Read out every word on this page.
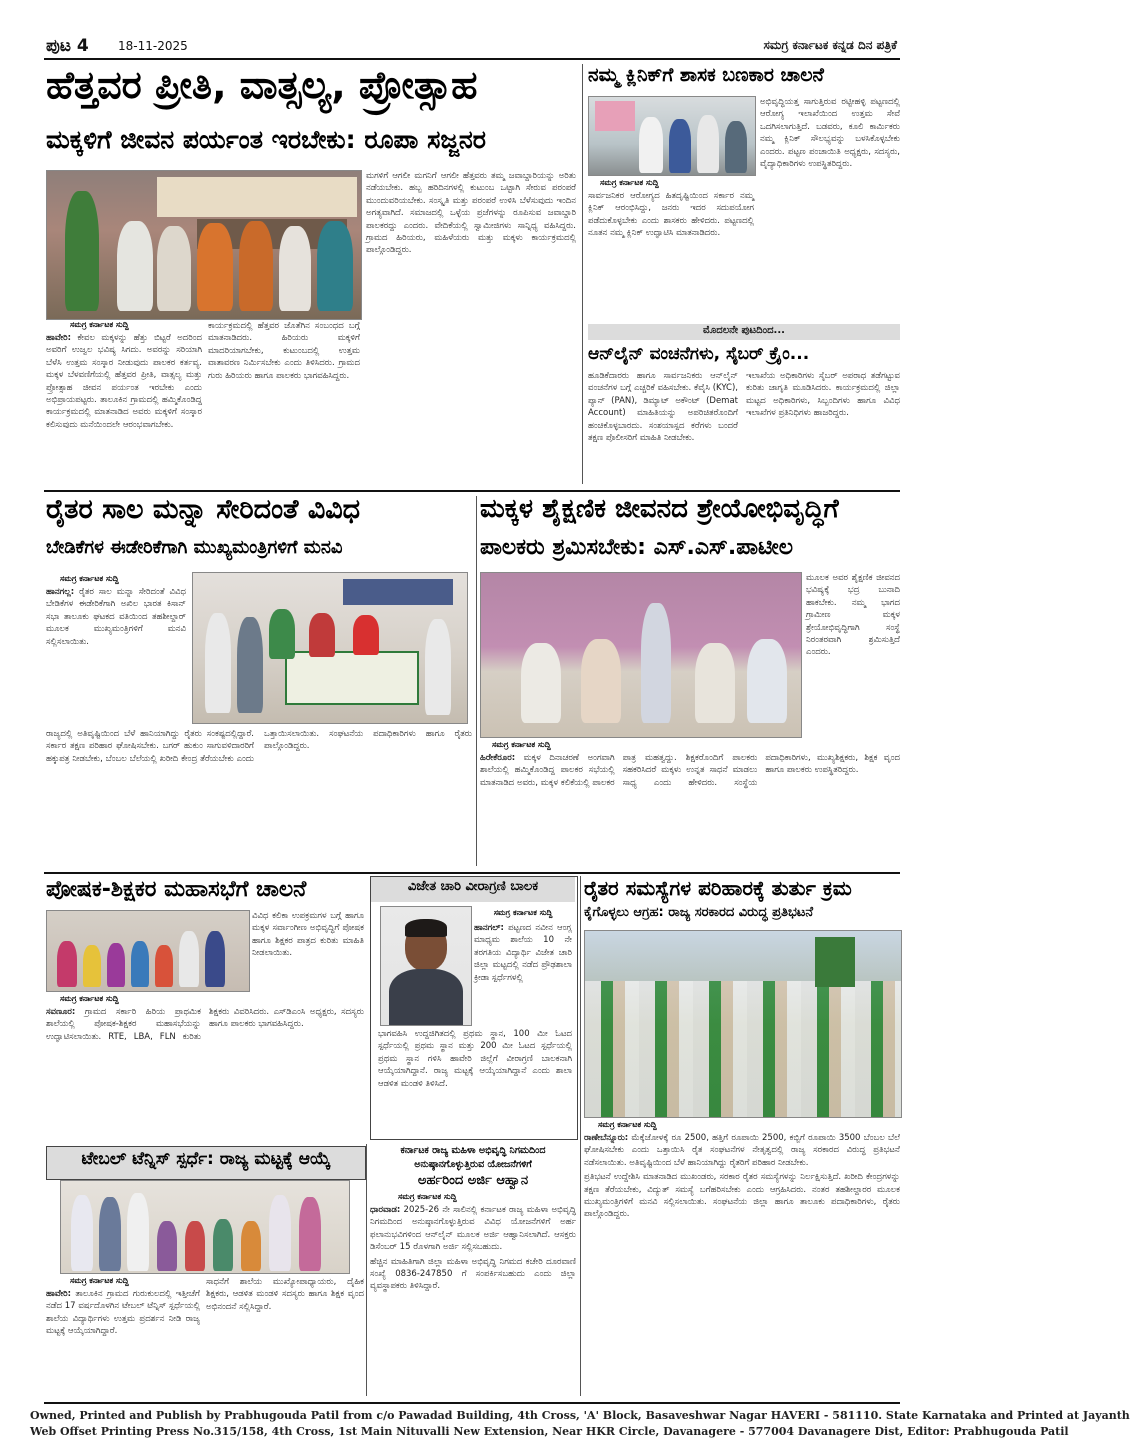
ಪುಟ 4 18-11-2025	ಸಮಗ್ರ ಕರ್ನಾಟಕ ಕನ್ನಡ ದಿನ ಪತ್ರಿಕೆ
ಹೆತ್ತವರ ಪ್ರೀತಿ, ವಾತ್ಸಲ್ಯ, ಪ್ರೋತ್ಸಾಹ
ಮಕ್ಕಳಿಗೆ ಜೀವನ ಪರ್ಯಂತ ಇರಬೇಕು: ರೂಪಾ ಸಜ್ಜನರ
ಸಮಗ್ರ ಕರ್ನಾಟಕ ಸುದ್ದಿ

ಹಾವೇರಿ: ಕೇವಲ ಮಕ್ಕಳನ್ನು ಹೆತ್ತು ಬಿಟ್ಟರೆ ಅದರಿಂದ ಅವರಿಗೆ ಉಜ್ವಲ ಭವಿಷ್ಯ ಸಿಗದು. ಅವರನ್ನು ಸರಿಯಾಗಿ ಬೆಳೆಸಿ ಉತ್ತಮ ಸಂಸ್ಕಾರ ನೀಡುವುದು ಪಾಲಕರ ಕರ್ತವ್ಯ. ಮಕ್ಕಳ ಬೆಳವಣಿಗೆಯಲ್ಲಿ ಹೆತ್ತವರ ಪ್ರೀತಿ, ವಾತ್ಸಲ್ಯ ಮತ್ತು ಪ್ರೋತ್ಸಾಹ ಜೀವನ ಪರ್ಯಂತ ಇರಬೇಕು ಎಂದು ಅಭಿಪ್ರಾಯಪಟ್ಟರು. ತಾಲೂಕಿನ ಗ್ರಾಮದಲ್ಲಿ ಹಮ್ಮಿಕೊಂಡಿದ್ದ ಕಾರ್ಯಕ್ರಮದಲ್ಲಿ ಮಾತನಾಡಿದ ಅವರು ಮಕ್ಕಳಿಗೆ ಸಂಸ್ಕಾರ ಕಲಿಸುವುದು ಮನೆಯಿಂದಲೇ ಆರಂಭವಾಗಬೇಕು.

ಕಾರ್ಯಕ್ರಮದಲ್ಲಿ ಹೆತ್ತವರ ಜೊತೆಗಿನ ಸಂಬಂಧದ ಬಗ್ಗೆ ಮಾತನಾಡಿದರು. ಹಿರಿಯರು ಮಕ್ಕಳಿಗೆ ಮಾದರಿಯಾಗಬೇಕು, ಕುಟುಂಬದಲ್ಲಿ ಉತ್ತಮ ವಾತಾವರಣ ನಿರ್ಮಿಸಬೇಕು ಎಂದು ತಿಳಿಸಿದರು. ಗ್ರಾಮದ ಗುರು ಹಿರಿಯರು ಹಾಗೂ ಪಾಲಕರು ಭಾಗವಹಿಸಿದ್ದರು.

ಮಗಳಿಗೆ ಆಗಲೀ ಮಗನಿಗೆ ಆಗಲೀ ಹೆತ್ತವರು ತಮ್ಮ ಜವಾಬ್ದಾರಿಯನ್ನು ಅರಿತು ನಡೆಯಬೇಕು. ಹಬ್ಬ ಹರಿದಿನಗಳಲ್ಲಿ ಕುಟುಂಬ ಒಟ್ಟಾಗಿ ಸೇರುವ ಪರಂಪರೆ ಮುಂದುವರಿಯಬೇಕು. ಸಂಸ್ಕೃತಿ ಮತ್ತು ಪರಂಪರೆ ಉಳಿಸಿ ಬೆಳೆಸುವುದು ಇಂದಿನ ಅಗತ್ಯವಾಗಿದೆ. ಸಮಾಜದಲ್ಲಿ ಒಳ್ಳೆಯ ಪ್ರಜೆಗಳನ್ನು ರೂಪಿಸುವ ಜವಾಬ್ದಾರಿ ಪಾಲಕರದ್ದು ಎಂದರು. ವೇದಿಕೆಯಲ್ಲಿ ಸ್ವಾಮೀಜಿಗಳು ಸಾನ್ನಿಧ್ಯ ವಹಿಸಿದ್ದರು. ಗ್ರಾಮದ ಹಿರಿಯರು, ಮಹಿಳೆಯರು ಮತ್ತು ಮಕ್ಕಳು ಕಾರ್ಯಕ್ರಮದಲ್ಲಿ ಪಾಲ್ಗೊಂಡಿದ್ದರು.

ನಮ್ಮ ಕ್ಲಿನಿಕ್‌ಗೆ ಶಾಸಕ ಬಣಕಾರ ಚಾಲನೆ
ಸಮಗ್ರ ಕರ್ನಾಟಕ ಸುದ್ದಿ

ಸಾರ್ವಜನಿಕರ ಆರೋಗ್ಯದ ಹಿತದೃಷ್ಟಿಯಿಂದ ಸರ್ಕಾರ ನಮ್ಮ ಕ್ಲಿನಿಕ್ ಆರಂಭಿಸಿದ್ದು, ಜನರು ಇದರ ಸದುಪಯೋಗ ಪಡೆದುಕೊಳ್ಳಬೇಕು ಎಂದು ಶಾಸಕರು ಹೇಳಿದರು. ಪಟ್ಟಣದಲ್ಲಿ ನೂತನ ನಮ್ಮ ಕ್ಲಿನಿಕ್ ಉದ್ಘಾಟಿಸಿ ಮಾತನಾಡಿದರು.

ಅಭಿವೃದ್ಧಿಯತ್ತ ಸಾಗುತ್ತಿರುವ ರಟ್ಟೀಹಳ್ಳಿ ಪಟ್ಟಣದಲ್ಲಿ ಆರೋಗ್ಯ ಇಲಾಖೆಯಿಂದ ಉತ್ತಮ ಸೇವೆ ಒದಗಿಸಲಾಗುತ್ತಿದೆ. ಬಡವರು, ಕೂಲಿ ಕಾರ್ಮಿಕರು ನಮ್ಮ ಕ್ಲಿನಿಕ್ ಸೌಲಭ್ಯವನ್ನು ಬಳಸಿಕೊಳ್ಳಬೇಕು ಎಂದರು. ಪಟ್ಟಣ ಪಂಚಾಯಿತಿ ಅಧ್ಯಕ್ಷರು, ಸದಸ್ಯರು, ವೈದ್ಯಾಧಿಕಾರಿಗಳು ಉಪಸ್ಥಿತರಿದ್ದರು.

ಮೊದಲನೇ ಪುಟದಿಂದ...
ಆನ್‌ಲೈನ್ ವಂಚನೆಗಳು, ಸೈಬರ್ ಕ್ರೈಂ...

ಹೂಡಿಕೆದಾರರು ಹಾಗೂ ಸಾರ್ವಜನಿಕರು ಆನ್‌ಲೈನ್ ವಂಚನೆಗಳ ಬಗ್ಗೆ ಎಚ್ಚರಿಕೆ ವಹಿಸಬೇಕು. ಕೆವೈಸಿ (KYC), ಪ್ಯಾನ್ (PAN), ಡಿಮ್ಯಾಟ್ ಅಕೌಂಟ್ (Demat Account) ಮಾಹಿತಿಯನ್ನು ಅಪರಿಚಿತರೊಂದಿಗೆ ಹಂಚಿಕೊಳ್ಳಬಾರದು. ಸಂಶಯಾಸ್ಪದ ಕರೆಗಳು ಬಂದರೆ ತಕ್ಷಣ ಪೊಲೀಸರಿಗೆ ಮಾಹಿತಿ ನೀಡಬೇಕು.

ಇಲಾಖೆಯ ಅಧಿಕಾರಿಗಳು ಸೈಬರ್ ಅಪರಾಧ ತಡೆಗಟ್ಟುವ ಕುರಿತು ಜಾಗೃತಿ ಮೂಡಿಸಿದರು. ಕಾರ್ಯಕ್ರಮದಲ್ಲಿ ಜಿಲ್ಲಾ ಮಟ್ಟದ ಅಧಿಕಾರಿಗಳು, ಸಿಬ್ಬಂದಿಗಳು ಹಾಗೂ ವಿವಿಧ ಇಲಾಖೆಗಳ ಪ್ರತಿನಿಧಿಗಳು ಹಾಜರಿದ್ದರು.

ರೈತರ ಸಾಲ ಮನ್ನಾ ಸೇರಿದಂತೆ ವಿವಿಧ
ಬೇಡಿಕೆಗಳ ಈಡೇರಿಕೆಗಾಗಿ ಮುಖ್ಯಮಂತ್ರಿಗಳಿಗೆ ಮನವಿ
ಸಮಗ್ರ ಕರ್ನಾಟಕ ಸುದ್ದಿ

ಹಾನಗಲ್ಲ: ರೈತರ ಸಾಲ ಮನ್ನಾ ಸೇರಿದಂತೆ ವಿವಿಧ ಬೇಡಿಕೆಗಳ ಈಡೇರಿಕೆಗಾಗಿ ಅಖಿಲ ಭಾರತ ಕಿಸಾನ್ ಸಭಾ ತಾಲೂಕು ಘಟಕದ ವತಿಯಿಂದ ತಹಶೀಲ್ದಾರ್ ಮೂಲಕ ಮುಖ್ಯಮಂತ್ರಿಗಳಿಗೆ ಮನವಿ ಸಲ್ಲಿಸಲಾಯಿತು.

ರಾಜ್ಯದಲ್ಲಿ ಅತಿವೃಷ್ಟಿಯಿಂದ ಬೆಳೆ ಹಾನಿಯಾಗಿದ್ದು ರೈತರು ಸಂಕಷ್ಟದಲ್ಲಿದ್ದಾರೆ. ಸರ್ಕಾರ ತಕ್ಷಣ ಪರಿಹಾರ ಘೋಷಿಸಬೇಕು. ಬಗರ್ ಹುಕುಂ ಸಾಗುವಳಿದಾರರಿಗೆ ಹಕ್ಕುಪತ್ರ ನೀಡಬೇಕು, ಬೆಂಬಲ ಬೆಲೆಯಲ್ಲಿ ಖರೀದಿ ಕೇಂದ್ರ ತೆರೆಯಬೇಕು ಎಂದು ಒತ್ತಾಯಿಸಲಾಯಿತು. ಸಂಘಟನೆಯ ಪದಾಧಿಕಾರಿಗಳು ಹಾಗೂ ರೈತರು ಪಾಲ್ಗೊಂಡಿದ್ದರು.

ಮಕ್ಕಳ ಶೈಕ್ಷಣಿಕ ಜೀವನದ ಶ್ರೇಯೋಭಿವೃದ್ಧಿಗೆ
ಪಾಲಕರು ಶ್ರಮಿಸಬೇಕು: ಎಸ್.ಎಸ್.ಪಾಟೀಲ

ಮೂಲಕ ಅವರ ಶೈಕ್ಷಣಿಕ ಜೀವನದ ಭವಿಷ್ಯಕ್ಕೆ ಭದ್ರ ಬುನಾದಿ ಹಾಕಬೇಕು. ನಮ್ಮ ಭಾಗದ ಗ್ರಾಮೀಣ ಮಕ್ಕಳ ಶ್ರೇಯೋಭಿವೃದ್ಧಿಗಾಗಿ ಸಂಸ್ಥೆ ನಿರಂತರವಾಗಿ ಶ್ರಮಿಸುತ್ತಿದೆ ಎಂದರು.

ಸಮಗ್ರ ಕರ್ನಾಟಕ ಸುದ್ದಿ

ಹಿರೇಕೆರೂರ: ಮಕ್ಕಳ ದಿನಾಚರಣೆ ಅಂಗವಾಗಿ ಶಾಲೆಯಲ್ಲಿ ಹಮ್ಮಿಕೊಂಡಿದ್ದ ಪಾಲಕರ ಸಭೆಯಲ್ಲಿ ಮಾತನಾಡಿದ ಅವರು, ಮಕ್ಕಳ ಕಲಿಕೆಯಲ್ಲಿ ಪಾಲಕರ ಪಾತ್ರ ಮಹತ್ವದ್ದು. ಶಿಕ್ಷಕರೊಂದಿಗೆ ಪಾಲಕರು ಸಹಕರಿಸಿದರೆ ಮಕ್ಕಳು ಉನ್ನತ ಸಾಧನೆ ಮಾಡಲು ಸಾಧ್ಯ ಎಂದು ಹೇಳಿದರು. ಸಂಸ್ಥೆಯ ಪದಾಧಿಕಾರಿಗಳು, ಮುಖ್ಯಶಿಕ್ಷಕರು, ಶಿಕ್ಷಕ ವೃಂದ ಹಾಗೂ ಪಾಲಕರು ಉಪಸ್ಥಿತರಿದ್ದರು.

ಪೋಷಕ-ಶಿಕ್ಷಕರ ಮಹಾಸಭೆಗೆ ಚಾಲನೆ
ಸಮಗ್ರ ಕರ್ನಾಟಕ ಸುದ್ದಿ

ವಿವಿಧ ಕಲಿಕಾ ಉಪಕ್ರಮಗಳ ಬಗ್ಗೆ ಹಾಗೂ ಮಕ್ಕಳ ಸರ್ವಾಂಗೀಣ ಅಭಿವೃದ್ಧಿಗೆ ಪೋಷಕ ಹಾಗೂ ಶಿಕ್ಷಕರ ಪಾತ್ರದ ಕುರಿತು ಮಾಹಿತಿ ನೀಡಲಾಯಿತು.

ಸವಣೂರ: ಗ್ರಾಮದ ಸರ್ಕಾರಿ ಹಿರಿಯ ಪ್ರಾಥಮಿಕ ಶಾಲೆಯಲ್ಲಿ ಪೋಷಕ-ಶಿಕ್ಷಕರ ಮಹಾಸಭೆಯನ್ನು ಉದ್ಘಾಟಿಸಲಾಯಿತು. RTE, LBA, FLN ಕುರಿತು ಶಿಕ್ಷಕರು ವಿವರಿಸಿದರು. ಎಸ್‌ಡಿಎಂಸಿ ಅಧ್ಯಕ್ಷರು, ಸದಸ್ಯರು ಹಾಗೂ ಪಾಲಕರು ಭಾಗವಹಿಸಿದ್ದರು.

ವಿಜೇತ ಚಾರಿ ವೀರಾಗ್ರಣಿ ಬಾಲಕ
ಸಮಗ್ರ ಕರ್ನಾಟಕ ಸುದ್ದಿ

ಹಾನಗಲ್: ಪಟ್ಟಣದ ನವೀನ ಆಂಗ್ಲ ಮಾಧ್ಯಮ ಶಾಲೆಯ 10 ನೇ ತರಗತಿಯ ವಿದ್ಯಾರ್ಥಿ ವಿಜೇತ ಚಾರಿ ಜಿಲ್ಲಾ ಮಟ್ಟದಲ್ಲಿ ನಡೆದ ಪ್ರೌಢಶಾಲಾ ಕ್ರೀಡಾ ಸ್ಪರ್ಧೆಗಳಲ್ಲಿ

ಭಾಗವಹಿಸಿ ಉದ್ದಜಿಗಿತದಲ್ಲಿ ಪ್ರಥಮ ಸ್ಥಾನ, 100 ಮೀ ಓಟದ ಸ್ಪರ್ಧೆಯಲ್ಲಿ ಪ್ರಥಮ ಸ್ಥಾನ ಮತ್ತು 200 ಮೀ ಓಟದ ಸ್ಪರ್ಧೆಯಲ್ಲಿ ಪ್ರಥಮ ಸ್ಥಾನ ಗಳಿಸಿ ಹಾವೇರಿ ಜಿಲ್ಲೆಗೆ ವೀರಾಗ್ರಣಿ ಬಾಲಕನಾಗಿ ಆಯ್ಕೆಯಾಗಿದ್ದಾನೆ. ರಾಜ್ಯ ಮಟ್ಟಕ್ಕೆ ಆಯ್ಕೆಯಾಗಿದ್ದಾನೆ ಎಂದು ಶಾಲಾ ಆಡಳಿತ ಮಂಡಳಿ ತಿಳಿಸಿದೆ.

ರೈತರ ಸಮಸ್ಯೆಗಳ ಪರಿಹಾರಕ್ಕೆ ತುರ್ತು ಕ್ರಮ
ಕೈಗೊಳ್ಳಲು ಆಗ್ರಹ: ರಾಜ್ಯ ಸರಕಾರದ ವಿರುದ್ಧ ಪ್ರತಿಭಟನೆ
ಸಮಗ್ರ ಕರ್ನಾಟಕ ಸುದ್ದಿ

ರಾಣೇಬೆನ್ನೂರು: ಮೆಕ್ಕೆಜೋಳಕ್ಕೆ ರೂ 2500, ಹತ್ತಿಗೆ ರೂಪಾಯಿ 2500, ಕಬ್ಬಿಗೆ ರೂಪಾಯಿ 3500 ಬೆಂಬಲ ಬೆಲೆ ಘೋಷಿಸಬೇಕು ಎಂದು ಒತ್ತಾಯಿಸಿ ರೈತ ಸಂಘಟನೆಗಳ ನೇತೃತ್ವದಲ್ಲಿ ರಾಜ್ಯ ಸರಕಾರದ ವಿರುದ್ಧ ಪ್ರತಿಭಟನೆ ನಡೆಸಲಾಯಿತು. ಅತಿವೃಷ್ಟಿಯಿಂದ ಬೆಳೆ ಹಾನಿಯಾಗಿದ್ದು ರೈತರಿಗೆ ಪರಿಹಾರ ನೀಡಬೇಕು.

ಪ್ರತಿಭಟನೆ ಉದ್ದೇಶಿಸಿ ಮಾತನಾಡಿದ ಮುಖಂಡರು, ಸರಕಾರ ರೈತರ ಸಮಸ್ಯೆಗಳನ್ನು ನಿರ್ಲಕ್ಷಿಸುತ್ತಿದೆ. ಖರೀದಿ ಕೇಂದ್ರಗಳನ್ನು ತಕ್ಷಣ ತೆರೆಯಬೇಕು, ವಿದ್ಯುತ್ ಸಮಸ್ಯೆ ಬಗೆಹರಿಸಬೇಕು ಎಂದು ಆಗ್ರಹಿಸಿದರು. ನಂತರ ತಹಶೀಲ್ದಾರರ ಮೂಲಕ ಮುಖ್ಯಮಂತ್ರಿಗಳಿಗೆ ಮನವಿ ಸಲ್ಲಿಸಲಾಯಿತು. ಸಂಘಟನೆಯ ಜಿಲ್ಲಾ ಹಾಗೂ ತಾಲೂಕು ಪದಾಧಿಕಾರಿಗಳು, ರೈತರು ಪಾಲ್ಗೊಂಡಿದ್ದರು.

ಟೇಬಲ್ ಟೆನ್ನಿಸ್ ಸ್ಪರ್ಧೆ: ರಾಜ್ಯ ಮಟ್ಟಕ್ಕೆ ಆಯ್ಕೆ
ಸಮಗ್ರ ಕರ್ನಾಟಕ ಸುದ್ದಿ

ಹಾವೇರಿ: ತಾಲೂಕಿನ ಗ್ರಾಮದ ಗುರುಕುಲದಲ್ಲಿ ಇತ್ತೀಚೆಗೆ ನಡೆದ 17 ವರ್ಷದೊಳಗಿನ ಟೇಬಲ್ ಟೆನ್ನಿಸ್ ಸ್ಪರ್ಧೆಯಲ್ಲಿ ಶಾಲೆಯ ವಿದ್ಯಾರ್ಥಿಗಳು ಉತ್ತಮ ಪ್ರದರ್ಶನ ನೀಡಿ ರಾಜ್ಯ ಮಟ್ಟಕ್ಕೆ ಆಯ್ಕೆಯಾಗಿದ್ದಾರೆ.

ಸಾಧನೆಗೆ ಶಾಲೆಯ ಮುಖ್ಯೋಪಾಧ್ಯಾಯರು, ದೈಹಿಕ ಶಿಕ್ಷಕರು, ಆಡಳಿತ ಮಂಡಳಿ ಸದಸ್ಯರು ಹಾಗೂ ಶಿಕ್ಷಕ ವೃಂದ ಅಭಿನಂದನೆ ಸಲ್ಲಿಸಿದ್ದಾರೆ.

ಕರ್ನಾಟಕ ರಾಜ್ಯ ಮಹಿಳಾ ಅಭಿವೃದ್ಧಿ ನಿಗಮದಿಂದ
ಅನುಷ್ಠಾನಗೊಳ್ಳುತ್ತಿರುವ ಯೋಜನೆಗಳಿಗೆ
ಅರ್ಹರಿಂದ ಅರ್ಜಿ ಆಹ್ವಾನ
ಸಮಗ್ರ ಕರ್ನಾಟಕ ಸುದ್ದಿ

ಧಾರವಾಡ: 2025-26 ನೇ ಸಾಲಿನಲ್ಲಿ ಕರ್ನಾಟಕ ರಾಜ್ಯ ಮಹಿಳಾ ಅಭಿವೃದ್ಧಿ ನಿಗಮದಿಂದ ಅನುಷ್ಠಾನಗೊಳ್ಳುತ್ತಿರುವ ವಿವಿಧ ಯೋಜನೆಗಳಿಗೆ ಅರ್ಹ ಫಲಾನುಭವಿಗಳಿಂದ ಆನ್‌ಲೈನ್ ಮೂಲಕ ಅರ್ಜಿ ಆಹ್ವಾನಿಸಲಾಗಿದೆ. ಆಸಕ್ತರು ಡಿಸೆಂಬರ್ 15 ರೊಳಗಾಗಿ ಅರ್ಜಿ ಸಲ್ಲಿಸಬಹುದು.

ಹೆಚ್ಚಿನ ಮಾಹಿತಿಗಾಗಿ ಜಿಲ್ಲಾ ಮಹಿಳಾ ಅಭಿವೃದ್ಧಿ ನಿಗಮದ ಕಚೇರಿ ದೂರವಾಣಿ ಸಂಖ್ಯೆ 0836-247850 ಗೆ ಸಂಪರ್ಕಿಸಬಹುದು ಎಂದು ಜಿಲ್ಲಾ ವ್ಯವಸ್ಥಾಪಕರು ತಿಳಿಸಿದ್ದಾರೆ.

Owned, Printed and Publish by Prabhugouda Patil from c/o Pawadad Building, 4th Cross, 'A' Block, Basaveshwar Nagar HAVERI - 581110. State Karnataka and Printed at Jayanth
Web Offset Printing Press No.315/158, 4th Cross, 1st Main Nituvalli New Extension, Near HKR Circle, Davanagere - 577004 Davanagere Dist, Editor: Prabhugouda Patil
